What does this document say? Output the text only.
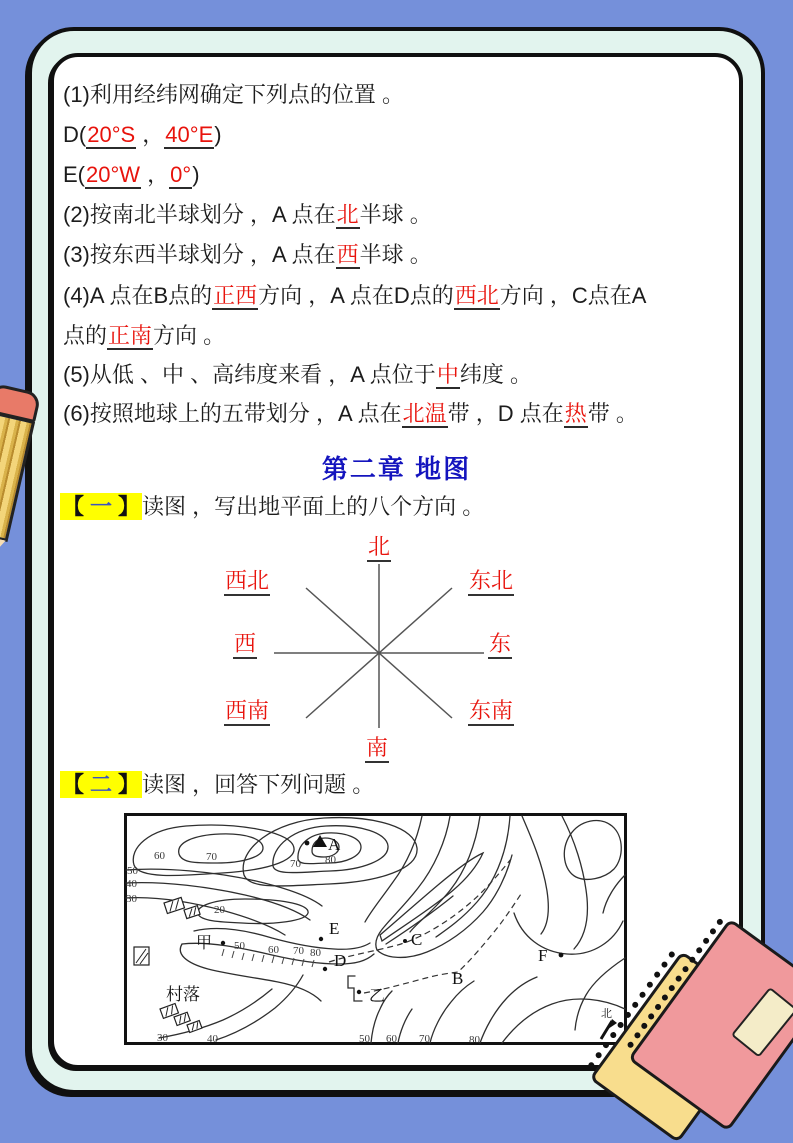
(1)利用经纬网确定下列点的位置 。
D(20°S ，40°E)
E(20°W ，0°)
(2)按南北半球划分 ，A 点在北半球 。
(3)按东西半球划分 ，A 点在西半球 。
(4)A 点在B点的正西方向 ，A 点在D点的西北方向 ，C点在A
点的正南方向 。
(5)从低 、中 、高纬度来看 ，A 点位于中纬度 。
(6)按照地球上的五带划分 ，A 点在北温带 ，D 点在热带 。
第二章 地图
【 一 】读图 ，写出地平面上的八个方向 。
北
西北	东北
西	东
西南	东南
南
【 二 】读图 ，回答下列问题 。
60	70
50
40
30
20
70 80
50 60 70 80
30	40	50 60 70	80
A
E
D
C
B
F
甲
乙
村落
北
